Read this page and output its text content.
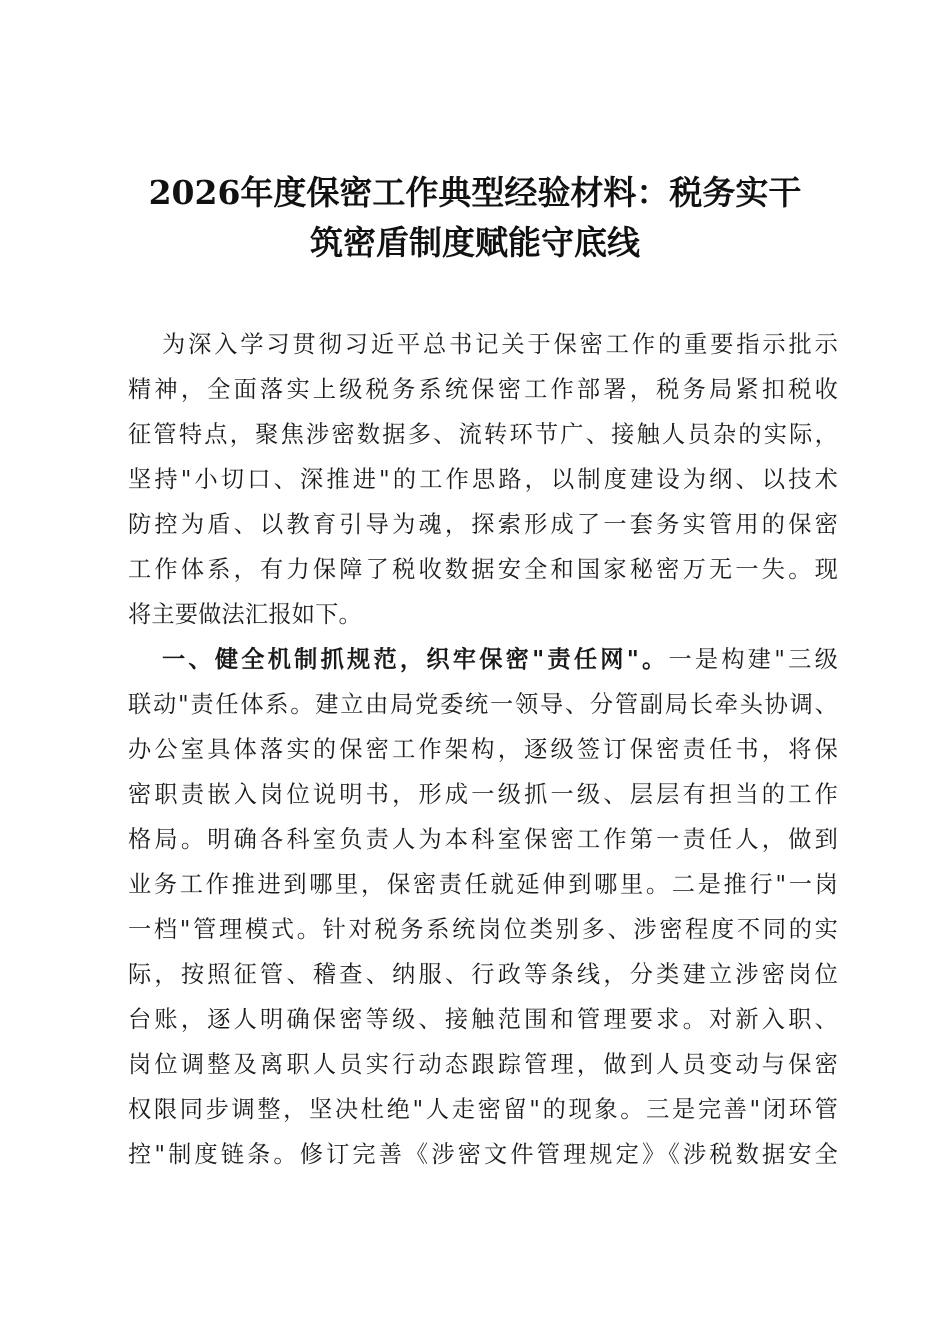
2026年度保密工作典型经验材料：税务实干
筑密盾制度赋能守底线
为深入学习贯彻习近平总书记关于保密工作的重要指示批示
精神，全面落实上级税务系统保密工作部署，税务局紧扣税收
征管特点，聚焦涉密数据多、流转环节广、接触人员杂的实际，
坚持"小切口、深推进"的工作思路，以制度建设为纲、以技术
防控为盾、以教育引导为魂，探索形成了一套务实管用的保密
工作体系，有力保障了税收数据安全和国家秘密万无一失。现
将主要做法汇报如下。
一、健全机制抓规范，织牢保密"责任网"。一是构建"三级
联动"责任体系。建立由局党委统一领导、分管副局长牵头协调、
办公室具体落实的保密工作架构，逐级签订保密责任书，将保
密职责嵌入岗位说明书，形成一级抓一级、层层有担当的工作
格局。明确各科室负责人为本科室保密工作第一责任人，做到
业务工作推进到哪里，保密责任就延伸到哪里。二是推行"一岗
一档"管理模式。针对税务系统岗位类别多、涉密程度不同的实
际，按照征管、稽查、纳服、行政等条线，分类建立涉密岗位
台账，逐人明确保密等级、接触范围和管理要求。对新入职、
岗位调整及离职人员实行动态跟踪管理，做到人员变动与保密
权限同步调整，坚决杜绝"人走密留"的现象。三是完善"闭环管
控"制度链条。修订完善《涉密文件管理规定》《涉税数据安全
